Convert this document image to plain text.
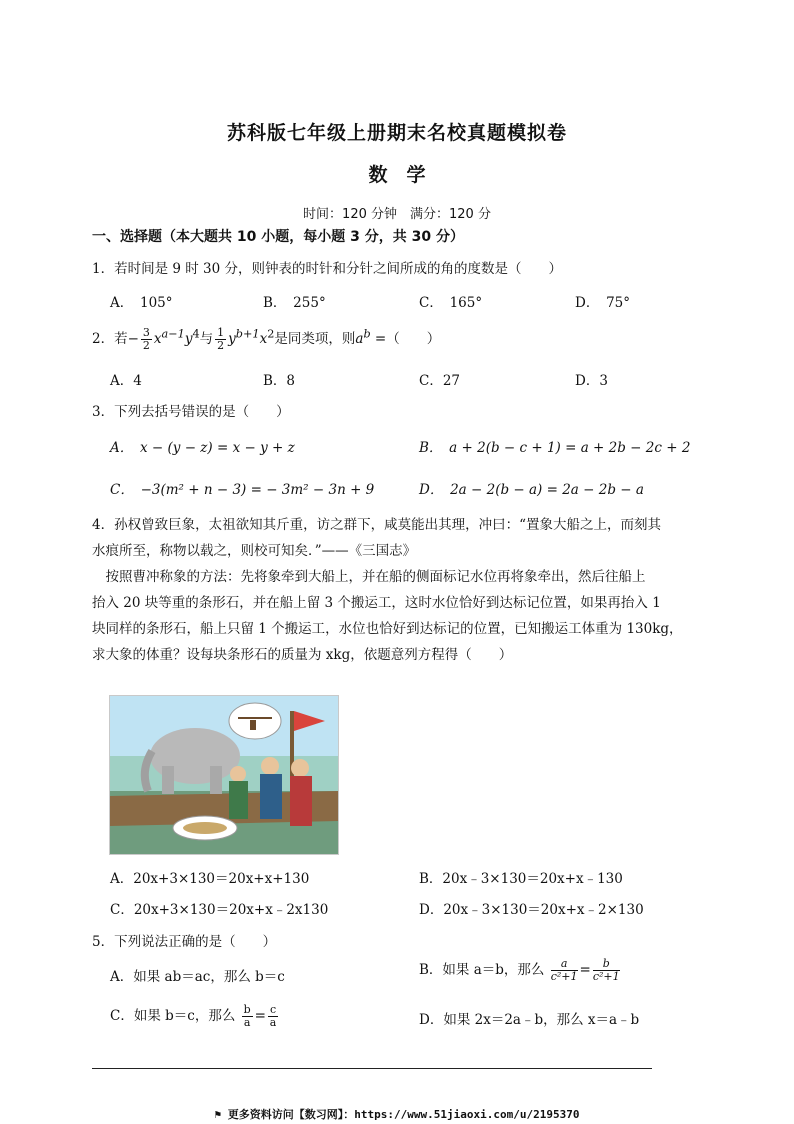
苏科版七年级上册期末名校真题模拟卷
数　学
时间：120 分钟　满分：120 分
一、选择题（本大题共 10 小题，每小题 3 分，共 30 分）
1．若时间是 9 时 30 分，则钟表的时针和分针之间所成的角的度数是（　　）
A．　105°	B．　255°	C．　165°	D．　75°
2．若− $\frac{3}{2} x^{a-1}y^4$与 $\frac{1}{2} y^{b+1}x^2$是同类项，则$a^b$ =（　　）
A．4	B．8	C．27	D．3
3．下列去括号错误的是（　　）
A．　x − (y − z) = x − y + z	B．　a + 2(b − c + 1) = a + 2b − 2c + 2
C．　−3(m² + n − 3) = − 3m² − 3n + 9	D．　2a − 2(b − a) = 2a − 2b − a
4．孙权曾致巨象，太祖欲知其斤重，访之群下，咸莫能出其理，冲曰：“置象大船之上，而刻其
水痕所至，称物以载之，则校可知矣．”——《三国志》
　按照曹冲称象的方法：先将象牵到大船上，并在船的侧面标记水位再将象牵出，然后往船上
抬入 20 块等重的条形石，并在船上留 3 个搬运工，这时水位恰好到达标记位置，如果再抬入 1
块同样的条形石，船上只留 1 个搬运工，水位也恰好到达标记的位置，已知搬运工体重为 130kg，
求大象的体重？设每块条形石的质量为 xkg，依题意列方程得（　　）
A．20x+3×130＝20x+x+130	B．20x﹣3×130＝20x+x﹣130
C．20x+3×130＝20x+x﹣2x130	D．20x﹣3×130＝20x+x﹣2×130
5．下列说法正确的是（　　）
A．如果 ab＝ac，那么 b＝c	B．如果 a＝b，那么 $\frac{a}{\text{c²+1}} = \frac{b}{\text{c²+1}}$
C．如果 b＝c，那么 $\frac{b}{a} = \frac{c}{a}$	D．如果 2x＝2a﹣b，那么 x＝a﹣b
⚑ 更多资料访问【数习网】：https://www.51jiaoxi.com/u/2195370
